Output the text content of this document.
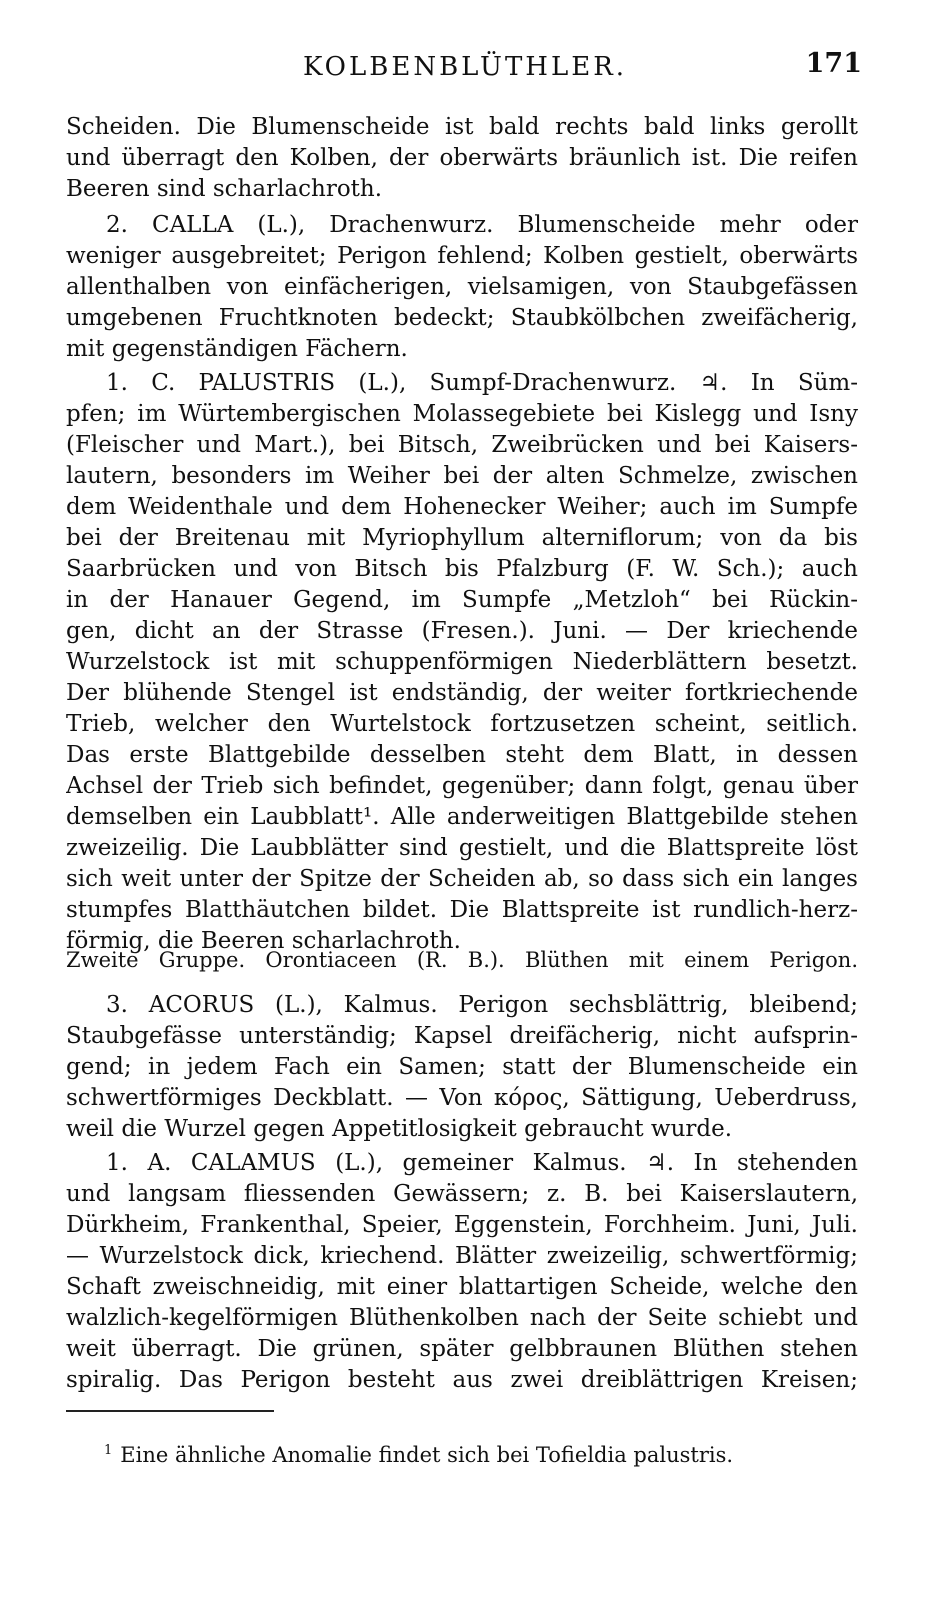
KOLBENBLÜTHLER.	171
Scheiden. Die Blumenscheide ist bald rechts bald links gerollt
und überragt den Kolben, der oberwärts bräunlich ist. Die reifen
Beeren sind scharlachroth.
2. CALLA (L.), Drachenwurz. Blumenscheide mehr oder
weniger ausgebreitet; Perigon fehlend; Kolben gestielt, oberwärts
allenthalben von einfächerigen, vielsamigen, von Staubgefässen
umgebenen Fruchtknoten bedeckt; Staubkölbchen zweifächerig,
mit gegenständigen Fächern.
1. C. PALUSTRIS (L.), Sumpf-Drachenwurz. ♃. In Süm-
pfen; im Würtembergischen Molassegebiete bei Kislegg und Isny
(Fleischer und Mart.), bei Bitsch, Zweibrücken und bei Kaisers-
lautern, besonders im Weiher bei der alten Schmelze, zwischen
dem Weidenthale und dem Hohenecker Weiher; auch im Sumpfe
bei der Breitenau mit Myriophyllum alterniflorum; von da bis
Saarbrücken und von Bitsch bis Pfalzburg (F. W. Sch.); auch
in der Hanauer Gegend, im Sumpfe „Metzloh“ bei Rückin-
gen, dicht an der Strasse (Fresen.). Juni. — Der kriechende
Wurzelstock ist mit schuppenförmigen Niederblättern besetzt.
Der blühende Stengel ist endständig, der weiter fortkriechende
Trieb, welcher den Wurtelstock fortzusetzen scheint, seitlich.
Das erste Blattgebilde desselben steht dem Blatt, in dessen
Achsel der Trieb sich befindet, gegenüber; dann folgt, genau über
demselben ein Laubblatt¹. Alle anderweitigen Blattgebilde stehen
zweizeilig. Die Laubblätter sind gestielt, und die Blattspreite löst
sich weit unter der Spitze der Scheiden ab, so dass sich ein langes
stumpfes Blatthäutchen bildet. Die Blattspreite ist rundlich-herz-
förmig, die Beeren scharlachroth.
Zweite Gruppe. Orontiaceen (R. B.). Blüthen mit einem Perigon.
3. ACORUS (L.), Kalmus. Perigon sechsblättrig, bleibend;
Staubgefässe unterständig; Kapsel dreifächerig, nicht aufsprin-
gend; in jedem Fach ein Samen; statt der Blumenscheide ein
schwertförmiges Deckblatt. — Von κόρος, Sättigung, Ueberdruss,
weil die Wurzel gegen Appetitlosigkeit gebraucht wurde.
1. A. CALAMUS (L.), gemeiner Kalmus. ♃. In stehenden
und langsam fliessenden Gewässern; z. B. bei Kaiserslautern,
Dürkheim, Frankenthal, Speier, Eggenstein, Forchheim. Juni, Juli.
— Wurzelstock dick, kriechend. Blätter zweizeilig, schwertförmig;
Schaft zweischneidig, mit einer blattartigen Scheide, welche den
walzlich-kegelförmigen Blüthenkolben nach der Seite schiebt und
weit überragt. Die grünen, später gelbbraunen Blüthen stehen
spiralig. Das Perigon besteht aus zwei dreiblättrigen Kreisen;
$^1$ Eine ähnliche Anomalie findet sich bei Tofieldia palustris.
